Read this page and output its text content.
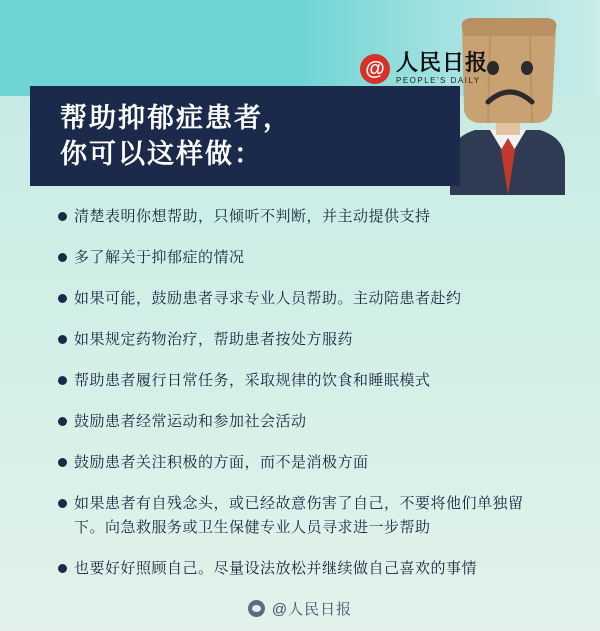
@ 人民日报
PEOPLE'S DAILY
帮助抑郁症患者，
你可以这样做：
清楚表明你想帮助，只倾听不判断，并主动提供支持
多了解关于抑郁症的情况
如果可能，鼓励患者寻求专业人员帮助。主动陪患者赴约
如果规定药物治疗，帮助患者按处方服药
帮助患者履行日常任务，采取规律的饮食和睡眠模式
鼓励患者经常运动和参加社会活动
鼓励患者关注积极的方面，而不是消极方面
如果患者有自残念头，或已经故意伤害了自己，不要将他们单独留下。向急救服务或卫生保健专业人员寻求进一步帮助
也要好好照顾自己。尽量设法放松并继续做自己喜欢的事情
@人民日报
